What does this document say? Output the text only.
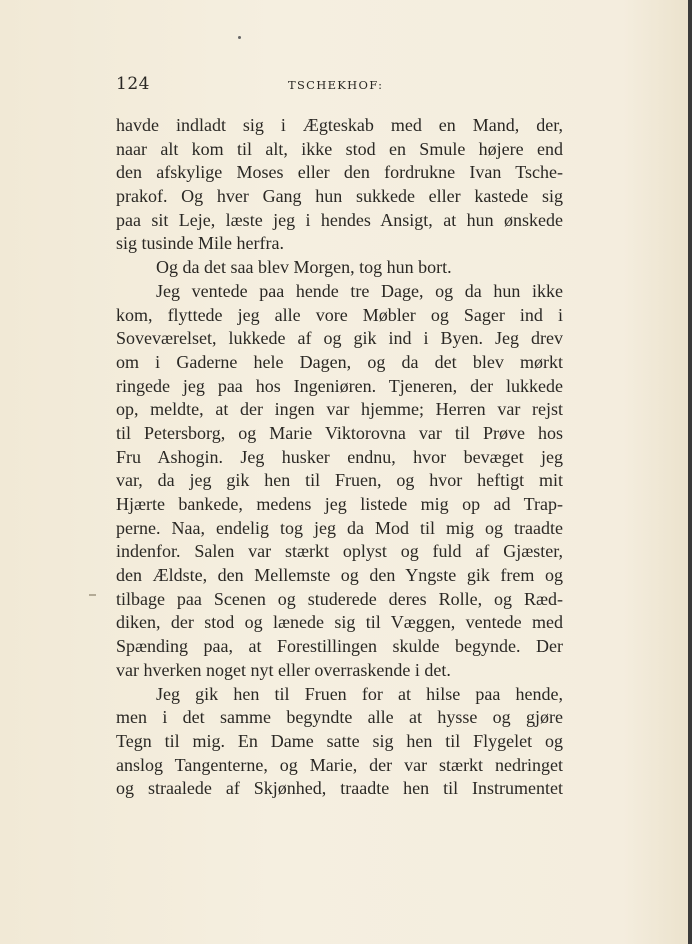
124	TSCHEKHOF:
havde indladt sig i Ægteskab med en Mand, der,
naar alt kom til alt, ikke stod en Smule højere end
den afskylige Moses eller den fordrukne Ivan Tsche-
prakof. Og hver Gang hun sukkede eller kastede sig
paa sit Leje, læste jeg i hendes Ansigt, at hun ønskede
sig tusinde Mile herfra.
Og da det saa blev Morgen, tog hun bort.
Jeg ventede paa hende tre Dage, og da hun ikke
kom, flyttede jeg alle vore Møbler og Sager ind i
Soveværelset, lukkede af og gik ind i Byen. Jeg drev
om i Gaderne hele Dagen, og da det blev mørkt
ringede jeg paa hos Ingeniøren. Tjeneren, der lukkede
op, meldte, at der ingen var hjemme; Herren var rejst
til Petersborg, og Marie Viktorovna var til Prøve hos
Fru Ashogin. Jeg husker endnu, hvor bevæget jeg
var, da jeg gik hen til Fruen, og hvor heftigt mit
Hjærte bankede, medens jeg listede mig op ad Trap-
perne. Naa, endelig tog jeg da Mod til mig og traadte
indenfor. Salen var stærkt oplyst og fuld af Gjæster,
den Ældste, den Mellemste og den Yngste gik frem og
tilbage paa Scenen og studerede deres Rolle, og Ræd-
diken, der stod og lænede sig til Væggen, ventede med
Spænding paa, at Forestillingen skulde begynde. Der
var hverken noget nyt eller overraskende i det.
Jeg gik hen til Fruen for at hilse paa hende,
men i det samme begyndte alle at hysse og gjøre
Tegn til mig. En Dame satte sig hen til Flygelet og
anslog Tangenterne, og Marie, der var stærkt nedringet
og straalede af Skjønhed, traadte hen til Instrumentet
